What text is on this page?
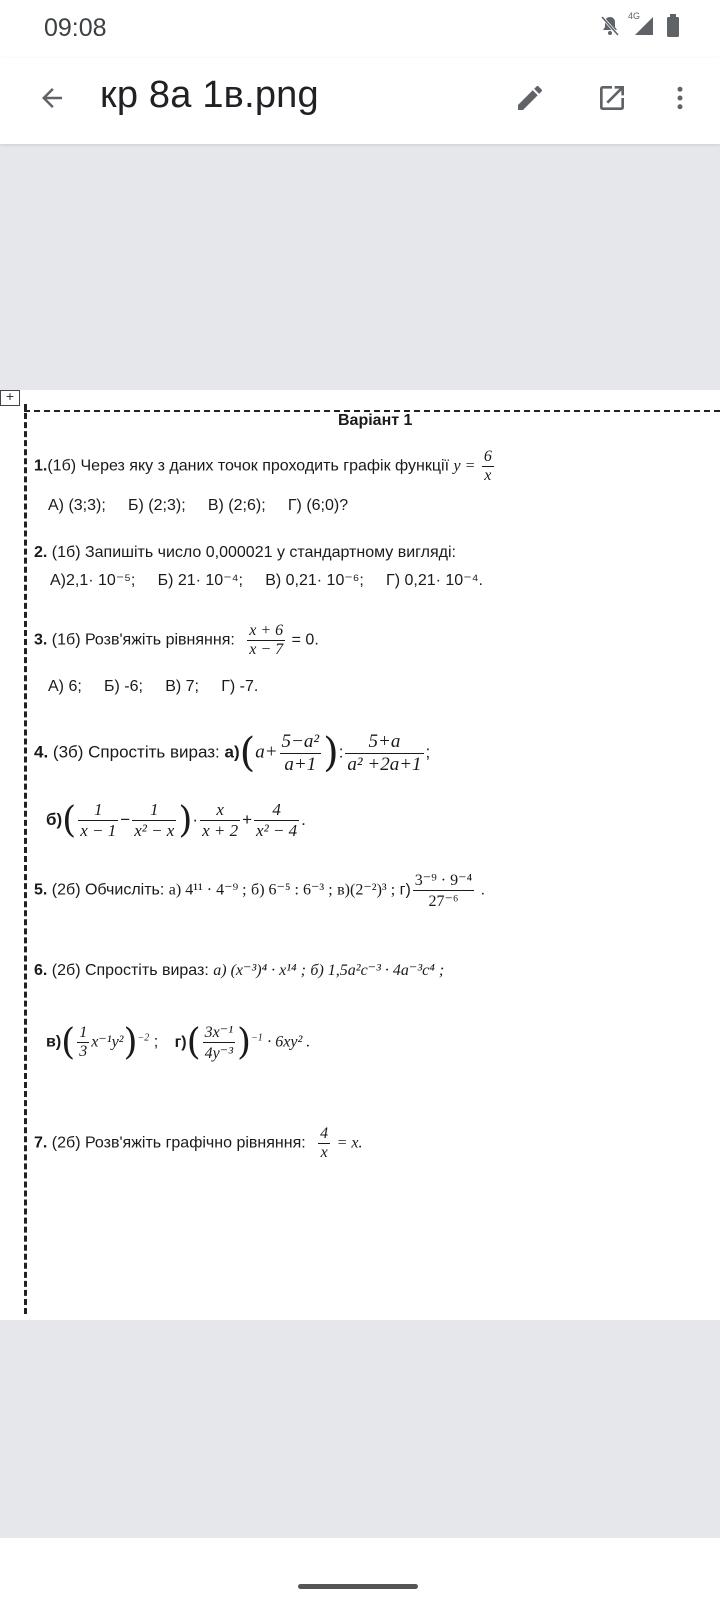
09:08	4G
кр 8а 1в.png
+
Варіант 1
1.(1б) Через яку з даних точок проходить графік функції $y = \frac{6}{x}$
А) (3;3);     Б) (2;3);     В) (2;6);     Г) (6;0)?
2. (1б) Запишіть число 0,000021 у стандартному вигляді:
А)2,1· 10⁻⁵;     Б) 21· 10⁻⁴;     В) 0,21· 10⁻⁶;     Г) 0,21· 10⁻⁴.
3. (1б) Розв'яжіть рівняння: $\frac{x + 6}{x - 7} = 0$.
А) 6;     Б) -6;     В) 7;     Г) -7.
4. (3б) Спростіть вираз: $а)(a+ \frac{\text{5−a²}}{a+1}$ ): $\frac{5+a}{\text{a² +2a+1}}$ ;
$б)( \frac{1}{x - 1} - \frac{1}{\text{x² − x}}$ )· $\frac{x}{x + 2} + \frac{4}{\text{x² − 4}}$ .
5. (2б) Обчисліть: а) 4¹¹ · 4⁻⁹ ; б) 6⁻⁵ : 6⁻³ ; в)(2⁻²)³ ; $г) \frac{\text{3⁻⁹ · 9⁻⁴}}{\text{27⁻⁶}}$ .
6. (2б) Спростіть вираз: а) (x⁻³)⁴ · x¹⁴ ; б) 1,5a²c⁻³ · 4a⁻³c⁴ ;
$в)( \frac{1}{3} x^{-1}y^2)^{-2}$ ; $г)( \frac{\text{3x⁻¹}}{\text{4y⁻³}} )^{-1} \cdot 6xy^2$ .
7. (2б) Розв'яжіть графічно рівняння: $\frac{4}{x} = x$.
